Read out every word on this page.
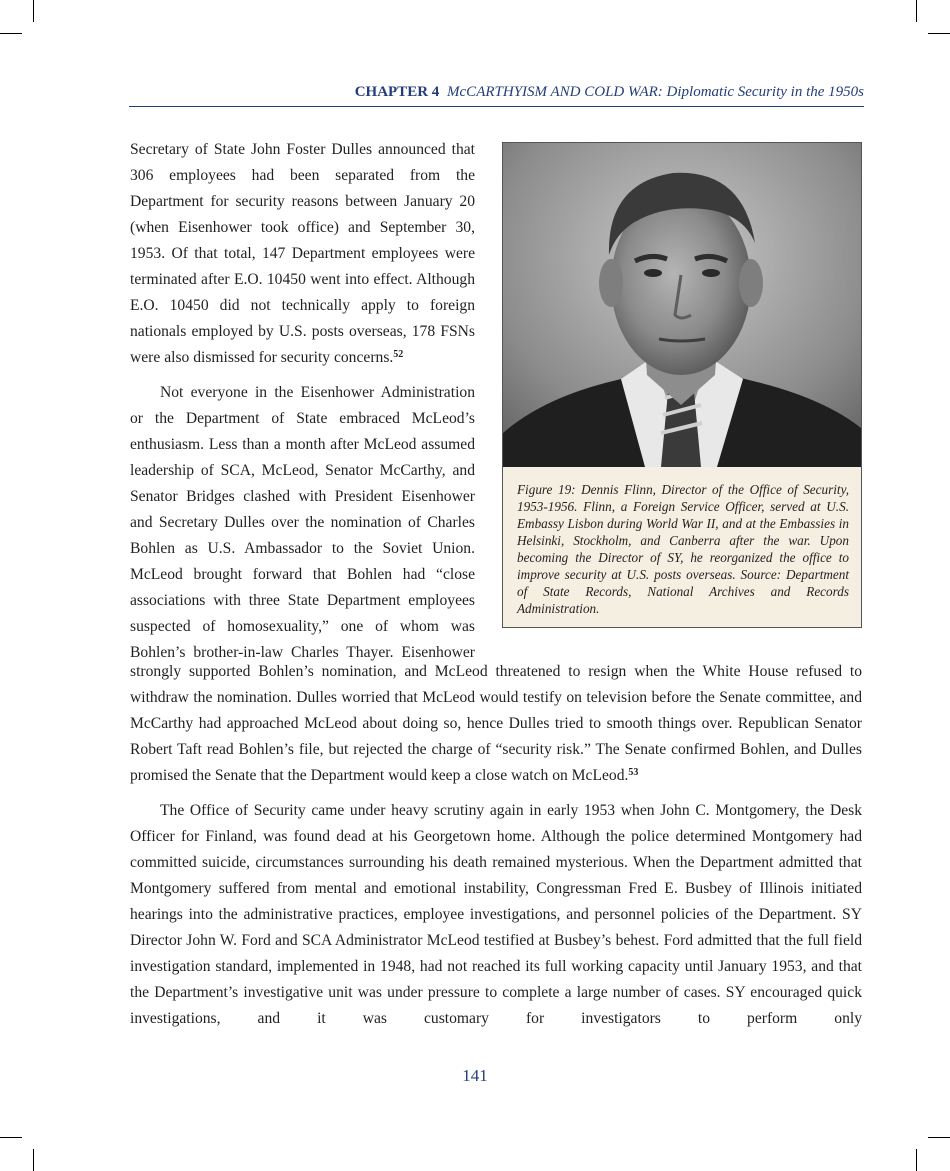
CHAPTER 4 McCARTHYISM AND COLD WAR: Diplomatic Security in the 1950s

Secretary of State John Foster Dulles announced that 306 employees had been separated from the Department for security reasons between January 20 (when Eisenhower took office) and September 30, 1953. Of that total, 147 Department employees were terminated after E.O. 10450 went into effect. Although E.O. 10450 did not technically apply to foreign nationals employed by U.S. posts overseas, 178 FSNs were also dismissed for security concerns.$^{52}$

Not everyone in the Eisenhower Administration or the Department of State embraced McLeod’s enthusiasm. Less than a month after McLeod assumed leadership of SCA, McLeod, Senator McCarthy, and Senator Bridges clashed with President Eisenhower and Secretary Dulles over the nomination of Charles Bohlen as U.S. Ambassador to the Soviet Union. McLeod brought forward that Bohlen had “close associations with three State Department employees suspected of homosexuality,” one of whom was Bohlen’s brother-in-law Charles Thayer. Eisenhower

Figure 19: Dennis Flinn, Director of the Office of Security, 1953-1956. Flinn, a Foreign Service Officer, served at U.S. Embassy Lisbon during World War II, and at the Embassies in Helsinki, Stockholm, and Canberra after the war. Upon becoming the Director of SY, he reorganized the office to improve security at U.S. posts overseas. Source: Department of State Records, National Archives and Records Administration.

strongly supported Bohlen’s nomination, and McLeod threatened to resign when the White House refused to withdraw the nomination. Dulles worried that McLeod would testify on television before the Senate committee, and McCarthy had approached McLeod about doing so, hence Dulles tried to smooth things over. Republican Senator Robert Taft read Bohlen’s file, but rejected the charge of “security risk.” The Senate confirmed Bohlen, and Dulles promised the Senate that the Department would keep a close watch on McLeod.$^{53}$

The Office of Security came under heavy scrutiny again in early 1953 when John C. Montgomery, the Desk Officer for Finland, was found dead at his Georgetown home. Although the police determined Montgomery had committed suicide, circumstances surrounding his death remained mysterious. When the Department admitted that Montgomery suffered from mental and emotional instability, Congressman Fred E. Busbey of Illinois initiated hearings into the administrative practices, employee investigations, and personnel policies of the Department. SY Director John W. Ford and SCA Administrator McLeod testified at Busbey’s behest. Ford admitted that the full field investigation standard, implemented in 1948, had not reached its full working capacity until January 1953, and that the Department’s investigative unit was under pressure to complete a large number of cases. SY encouraged quick investigations, and it was customary for investigators to perform only

141
